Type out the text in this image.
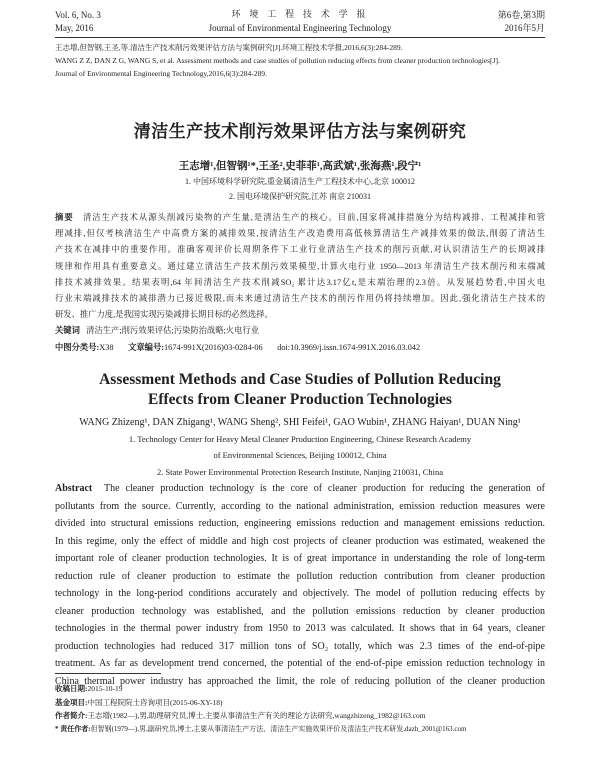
Vol. 6, No. 3
May, 2016
环 境 工 程 技 术 学 报
Journal of Environmental Engineering Technology
第6卷,第3期
2016年5月
王志增,但智钢,王圣,等.清洁生产技术削污效果评估方法与案例研究[J].环境工程技术学报,2016,6(3):284-289.
WANG Z Z, DAN Z G, WANG S, et al. Assessment methods and case studies of pollution reducing effects from cleaner production technologies[J].
Journal of Environmental Engineering Technology,2016,6(3):284-289.
清洁生产技术削污效果评估方法与案例研究
王志增¹,但智钢¹*,王圣²,史菲菲¹,高武斌¹,张海燕¹,段宁¹
1. 中国环境科学研究院,重金属清洁生产工程技术中心,北京 100012
2. 国电环境保护研究院,江苏 南京 210031
摘要 清洁生产技术从源头削减污染物的产生量,是清洁生产的核心。目前,国家将减排措施分为结构减排、工程减排和管
理减排,但仅考核清洁生产中高费方案的减排效果,按清洁生产改造费用高低核算清洁生产减排效果的做法,削弱了清洁生
产技术在减排中的重要作用。准确客观评价长周期条件下工业行业清洁生产技术的削污贡献,对认识清洁生产的长期减排
规律和作用具有重要意义。通过建立清洁生产技术削污效果模型,计算火电行业 1950—2013 年清洁生产技术削污和末端减
排技术减排效果。结果表明,64 年间清洁生产技术削减SO₂ 累计达3.17亿t,是末端治理的2.3倍。从发展趋势看,中国火电
行业末端减排技术的减排潜力已接近极限,而未来通过清洁生产技术的削污作用仍将持续增加。因此,强化清洁生产技术的
研发、推广力度,是我国实现污染减排长期目标的必然选择。
关键词 清洁生产;削污效果评估;污染防治战略;火电行业
中图分类号:X38 文章编号:1674-991X(2016)03-0284-06 doi:10.3969/j.issn.1674-991X.2016.03.042
Assessment Methods and Case Studies of Pollution Reducing
Effects from Cleaner Production Technologies
WANG Zhizeng¹, DAN Zhigang¹, WANG Sheng², SHI Feifei¹, GAO Wubin¹, ZHANG Haiyan¹, DUAN Ning¹
1. Technology Center for Heavy Metal Cleaner Production Engineering, Chinese Research Academy
of Environmental Sciences, Beijing 100012, China
2. State Power Environmental Protection Research Institute, Nanjing 210031, China
Abstract The cleaner production technology is the core of cleaner production for reducing the generation of
pollutants from the source. Currently, according to the national administration, emission reduction measures were
divided into structural emissions reduction, engineering emissions reduction and management emissions reduction.
In this regime, only the effect of middle and high cost projects of cleaner production was estimated, weakened the
important role of cleaner production technologies. It is of great importance in understanding the role of long-term
reduction rule of cleaner production to estimate the pollution reduction contribution from cleaner production
technology in the long-period conditions accurately and objectively. The model of pollution reducing effects by
cleaner production technology was established, and the pollution emissions reduction by cleaner production
technologies in the thermal power industry from 1950 to 2013 was calculated. It shows that in 64 years, cleaner
production technologies had reduced 317 million tons of SO₂ totally, which was 2.3 times of the end-of-pipe
treatment. As far as development trend concerned, the potential of the end-of-pipe emission reduction technology in
China thermal power industry has approached the limit, the role of reducing pollution of the cleaner production
收稿日期:2015-10-19
基金项目:中国工程院院士咨询项目(2015-06-XY-18)
作者简介:王志增(1982—),男,助理研究员,博士,主要从事清洁生产有关的理论方法研究,wangzhizeng_1982@163.com
* 责任作者:但智钢(1979—),男,副研究员,博士,主要从事清洁生产方法、清洁生产实施效果评价及清洁生产技术研发,dazh_2001@163.com
